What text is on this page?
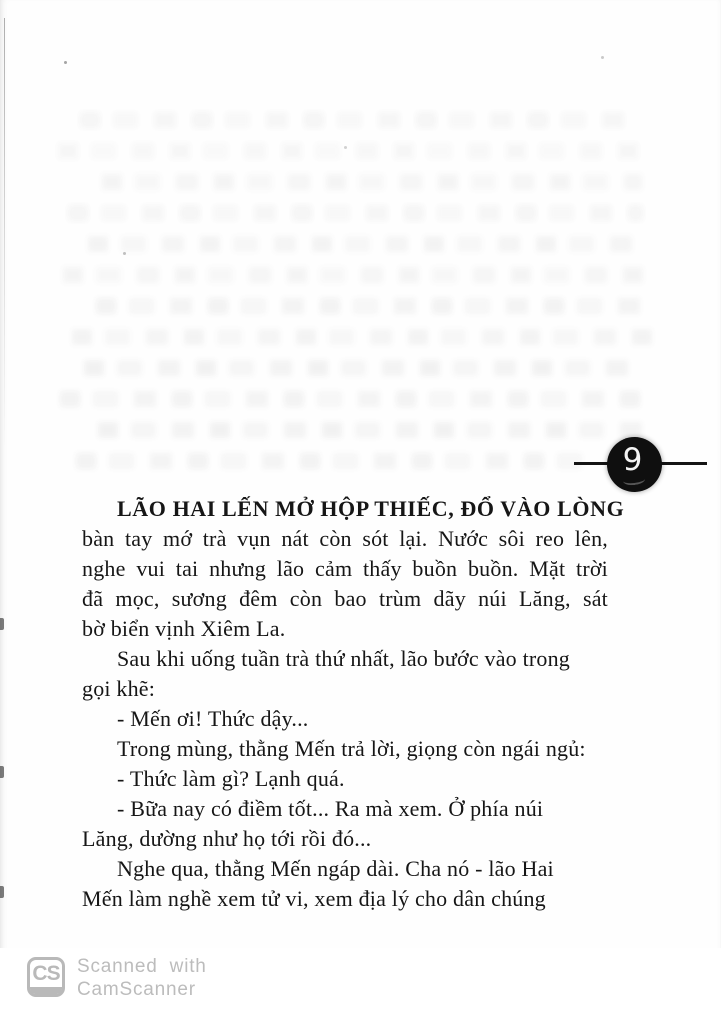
9
LÃO HAI LẾN MỞ HỘP THIẾC, ĐỔ VÀO LÒNG
bàn tay mớ trà vụn nát còn sót lại. Nước sôi reo lên,
nghe vui tai nhưng lão cảm thấy buồn buồn. Mặt trời
đã mọc, sương đêm còn bao trùm dãy núi Lăng, sát
bờ biển vịnh Xiêm La.
Sau khi uống tuần trà thứ nhất, lão bước vào trong
gọi khẽ:
- Mến ơi! Thức dậy...
Trong mùng, thằng Mến trả lời, giọng còn ngái ngủ:
- Thức làm gì? Lạnh quá.
- Bữa nay có điềm tốt... Ra mà xem. Ở phía núi
Lăng, dường như họ tới rồi đó...
Nghe qua, thằng Mến ngáp dài. Cha nó - lão Hai
Mến làm nghề xem tử vi, xem địa lý cho dân chúng
CS Scanned with
CamScanner
